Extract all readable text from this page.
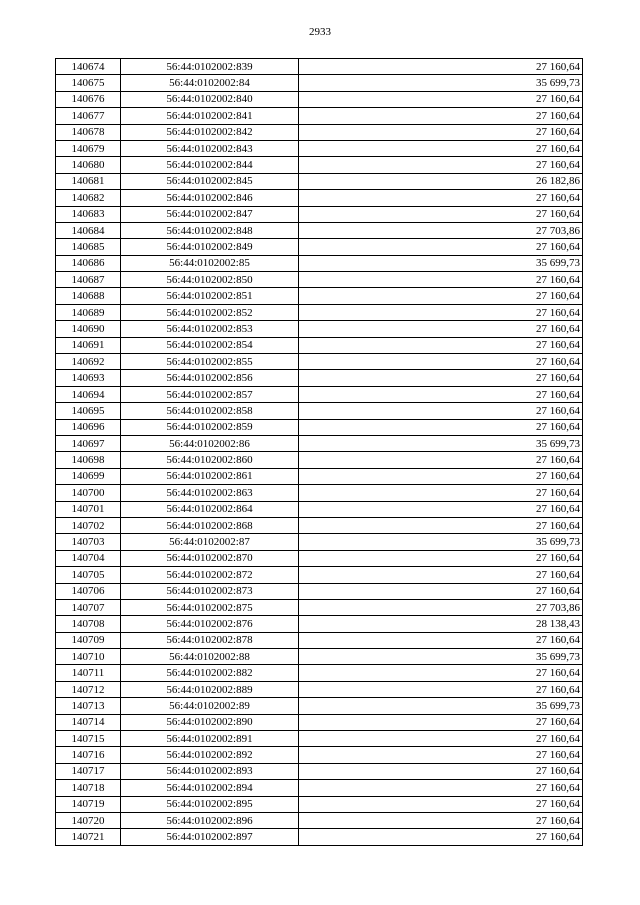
2933
140674	56:44:0102002:839	27 160,64
140675	56:44:0102002:84	35 699,73
140676	56:44:0102002:840	27 160,64
140677	56:44:0102002:841	27 160,64
140678	56:44:0102002:842	27 160,64
140679	56:44:0102002:843	27 160,64
140680	56:44:0102002:844	27 160,64
140681	56:44:0102002:845	26 182,86
140682	56:44:0102002:846	27 160,64
140683	56:44:0102002:847	27 160,64
140684	56:44:0102002:848	27 703,86
140685	56:44:0102002:849	27 160,64
140686	56:44:0102002:85	35 699,73
140687	56:44:0102002:850	27 160,64
140688	56:44:0102002:851	27 160,64
140689	56:44:0102002:852	27 160,64
140690	56:44:0102002:853	27 160,64
140691	56:44:0102002:854	27 160,64
140692	56:44:0102002:855	27 160,64
140693	56:44:0102002:856	27 160,64
140694	56:44:0102002:857	27 160,64
140695	56:44:0102002:858	27 160,64
140696	56:44:0102002:859	27 160,64
140697	56:44:0102002:86	35 699,73
140698	56:44:0102002:860	27 160,64
140699	56:44:0102002:861	27 160,64
140700	56:44:0102002:863	27 160,64
140701	56:44:0102002:864	27 160,64
140702	56:44:0102002:868	27 160,64
140703	56:44:0102002:87	35 699,73
140704	56:44:0102002:870	27 160,64
140705	56:44:0102002:872	27 160,64
140706	56:44:0102002:873	27 160,64
140707	56:44:0102002:875	27 703,86
140708	56:44:0102002:876	28 138,43
140709	56:44:0102002:878	27 160,64
140710	56:44:0102002:88	35 699,73
140711	56:44:0102002:882	27 160,64
140712	56:44:0102002:889	27 160,64
140713	56:44:0102002:89	35 699,73
140714	56:44:0102002:890	27 160,64
140715	56:44:0102002:891	27 160,64
140716	56:44:0102002:892	27 160,64
140717	56:44:0102002:893	27 160,64
140718	56:44:0102002:894	27 160,64
140719	56:44:0102002:895	27 160,64
140720	56:44:0102002:896	27 160,64
140721	56:44:0102002:897	27 160,64
